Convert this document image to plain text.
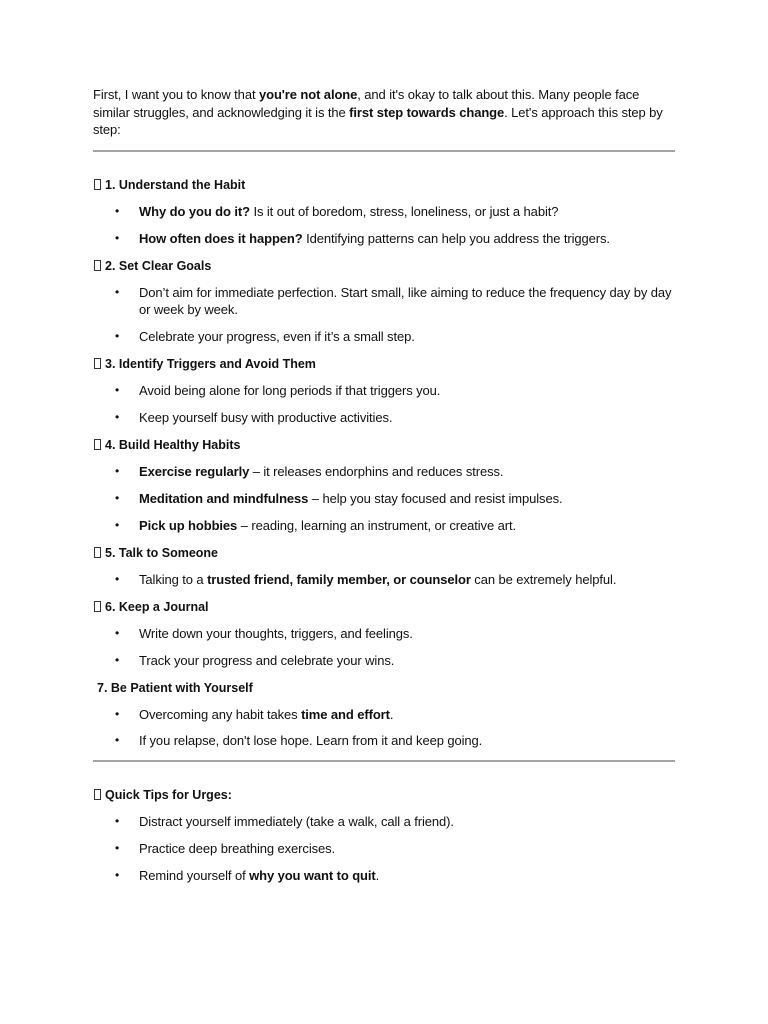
First, I want you to know that you're not alone, and it's okay to talk about this. Many people face similar struggles, and acknowledging it is the first step towards change. Let's approach this step by step:

1. Understand the Habit
• Why do you do it? Is it out of boredom, stress, loneliness, or just a habit?
• How often does it happen? Identifying patterns can help you address the triggers.
2. Set Clear Goals
• Don’t aim for immediate perfection. Start small, like aiming to reduce the frequency day by day or week by week.
• Celebrate your progress, even if it’s a small step.
3. Identify Triggers and Avoid Them
• Avoid being alone for long periods if that triggers you.
• Keep yourself busy with productive activities.
4. Build Healthy Habits
• Exercise regularly – it releases endorphins and reduces stress.
• Meditation and mindfulness – help you stay focused and resist impulses.
• Pick up hobbies – reading, learning an instrument, or creative art.
5. Talk to Someone
• Talking to a trusted friend, family member, or counselor can be extremely helpful.
6. Keep a Journal
• Write down your thoughts, triggers, and feelings.
• Track your progress and celebrate your wins.
7. Be Patient with Yourself
• Overcoming any habit takes time and effort.
• If you relapse, don't lose hope. Learn from it and keep going.
Quick Tips for Urges:
• Distract yourself immediately (take a walk, call a friend).
• Practice deep breathing exercises.
• Remind yourself of why you want to quit.
